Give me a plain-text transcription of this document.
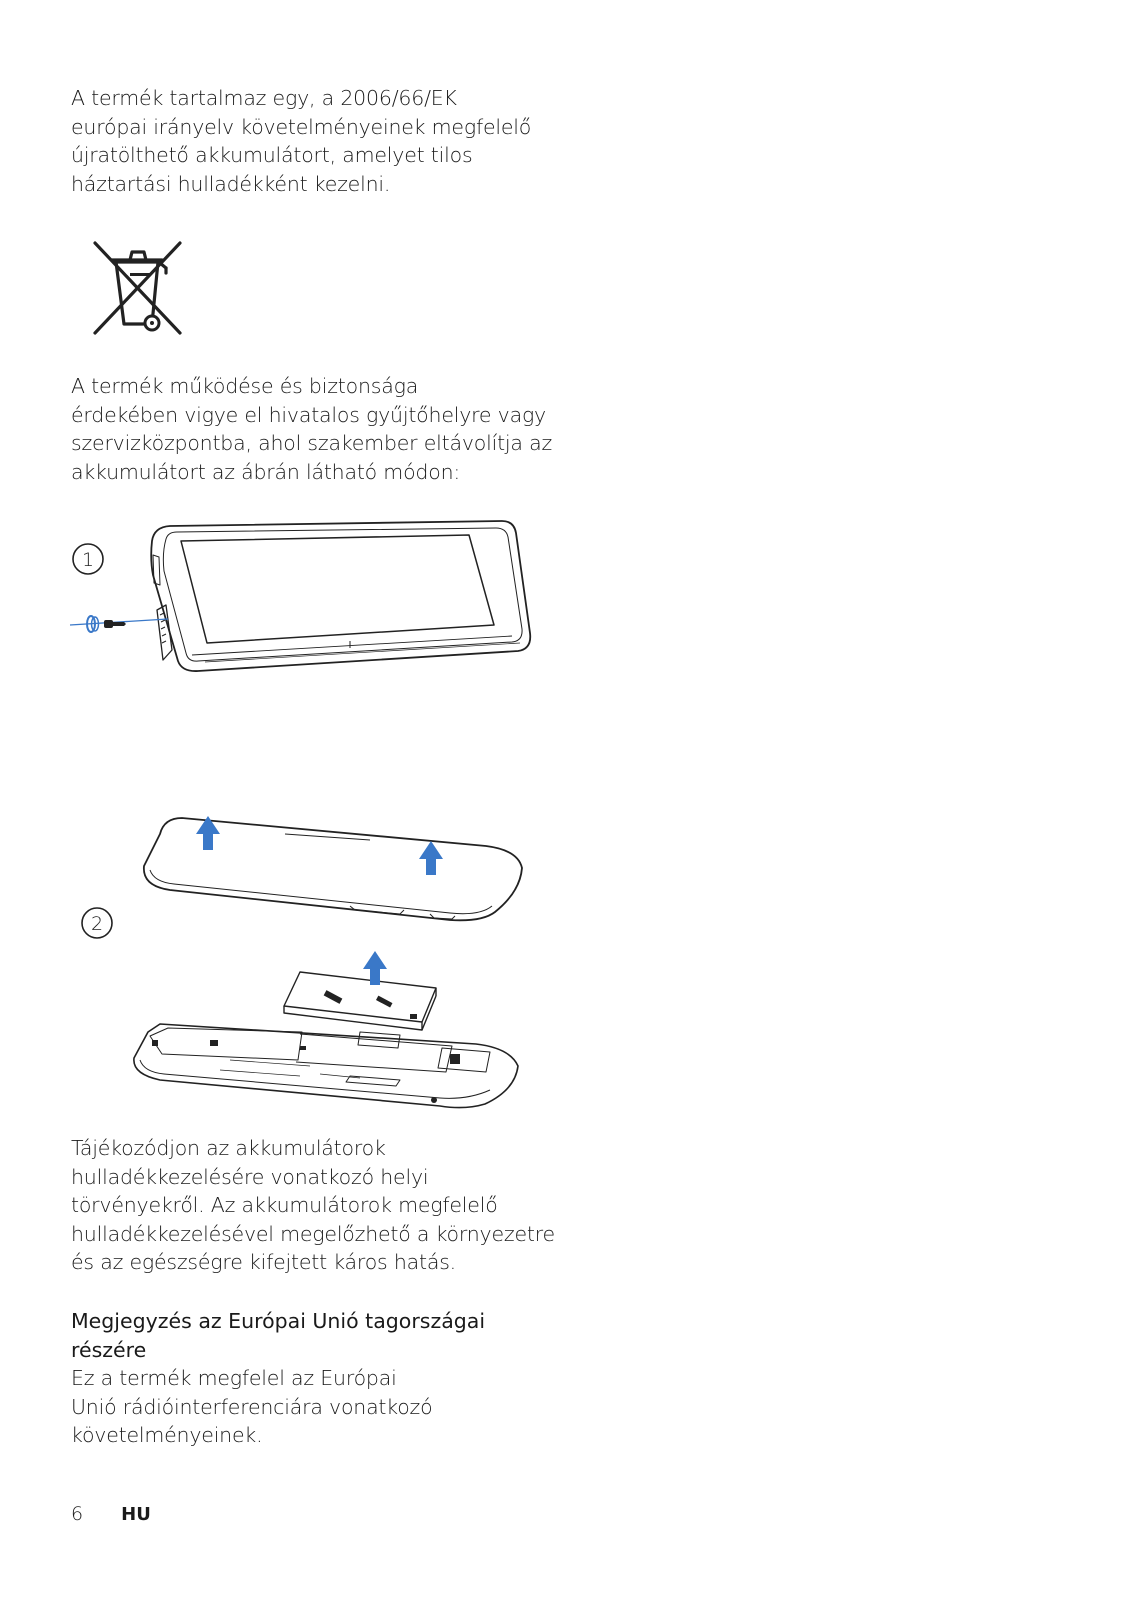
A termék tartalmaz egy, a 2006/66/EK
európai irányelv követelményeinek megfelelő
újratölthető akkumulátort, amelyet tilos
háztartási hulladékként kezelni.
A termék működése és biztonsága
érdekében vigye el hivatalos gyűjtőhelyre vagy
szervizközpontba, ahol szakember eltávolítja az
akkumulátort az ábrán látható módon:
1
2
Tájékozódjon az akkumulátorok
hulladékkezelésére vonatkozó helyi
törvényekről. Az akkumulátorok megfelelő
hulladékkezelésével megelőzhető a környezetre
és az egészségre kifejtett káros hatás.
Megjegyzés az Európai Unió tagországai
részére
Ez a termék megfelel az Európai
Unió rádióinterferenciára vonatkozó
követelményeinek.
6 HU
